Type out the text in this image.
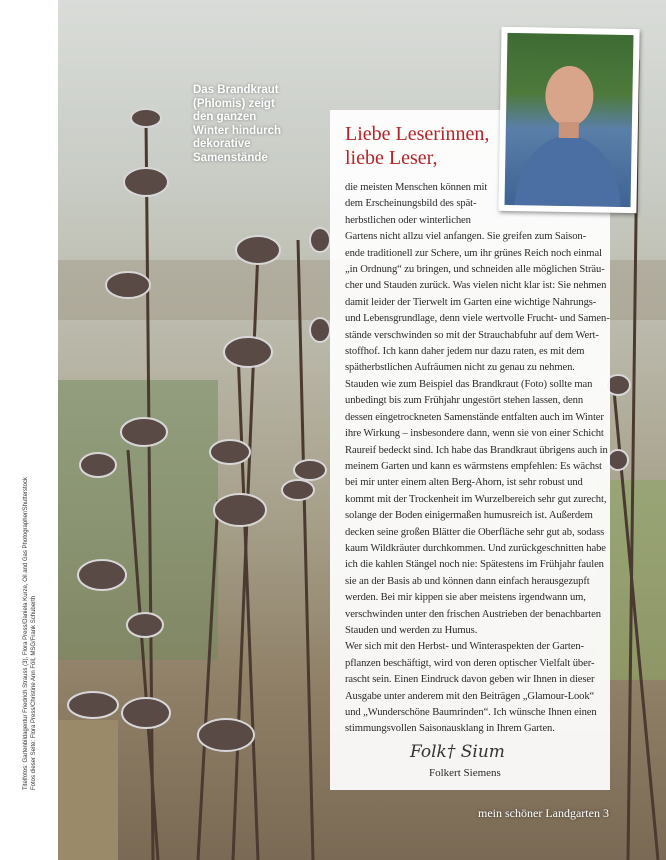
Titelfotos: Gartenbildagentur Friedrich Strauss (3), Flora Press/Daniela Kurze, Oil and Gas Photographer/Shutterstock Fotos dieser Seite: Flora Press/Christine Ann Föll, MSG/Frank Schuberth
Das Brandkraut
(Phlomis) zeigt
den ganzen
Winter hindurch
dekorative
Samenstände
Liebe Leserinnen,
liebe Leser,
die meisten Menschen können mit
dem Erscheinungsbild des spät-
herbstlichen oder winterlichen
Gartens nicht allzu viel anfangen. Sie greifen zum Saison-
ende traditionell zur Schere, um ihr grünes Reich noch einmal
„in Ordnung“ zu bringen, und schneiden alle möglichen Sträu-
cher und Stauden zurück. Was vielen nicht klar ist: Sie nehmen
damit leider der Tierwelt im Garten eine wichtige Nahrungs-
und Lebensgrundlage, denn viele wertvolle Frucht- und Samen-
stände verschwinden so mit der Strauchabfuhr auf dem Wert-
stoffhof. Ich kann daher jedem nur dazu raten, es mit dem
spätherbstlichen Aufräumen nicht zu genau zu nehmen.
Stauden wie zum Beispiel das Brandkraut (Foto) sollte man
unbedingt bis zum Frühjahr ungestört stehen lassen, denn
dessen eingetrockneten Samenstände entfalten auch im Winter
ihre Wirkung – insbesondere dann, wenn sie von einer Schicht
Raureif bedeckt sind. Ich habe das Brandkraut übrigens auch in
meinem Garten und kann es wärmstens empfehlen: Es wächst
bei mir unter einem alten Berg-Ahorn, ist sehr robust und
kommt mit der Trockenheit im Wurzelbereich sehr gut zurecht,
solange der Boden einigermaßen humusreich ist. Außerdem
decken seine großen Blätter die Oberfläche sehr gut ab, sodass
kaum Wildkräuter durchkommen. Und zurückgeschnitten habe
ich die kahlen Stängel noch nie: Spätestens im Frühjahr faulen
sie an der Basis ab und können dann einfach herausgezupft
werden. Bei mir kippen sie aber meistens irgendwann um,
verschwinden unter den frischen Austrieben der benachbarten
Stauden und werden zu Humus.
Wer sich mit den Herbst- und Winteraspekten der Garten-
pflanzen beschäftigt, wird von deren optischer Vielfalt über-
rascht sein. Einen Eindruck davon geben wir Ihnen in dieser
Ausgabe unter anderem mit den Beiträgen „Glamour-Look“
und „Wunderschöne Baumrinden“. Ich wünsche Ihnen einen
stimmungsvollen Saisonausklang in Ihrem Garten.
Folk† Sium
Folkert Siemens
mein schöner Landgarten 3
